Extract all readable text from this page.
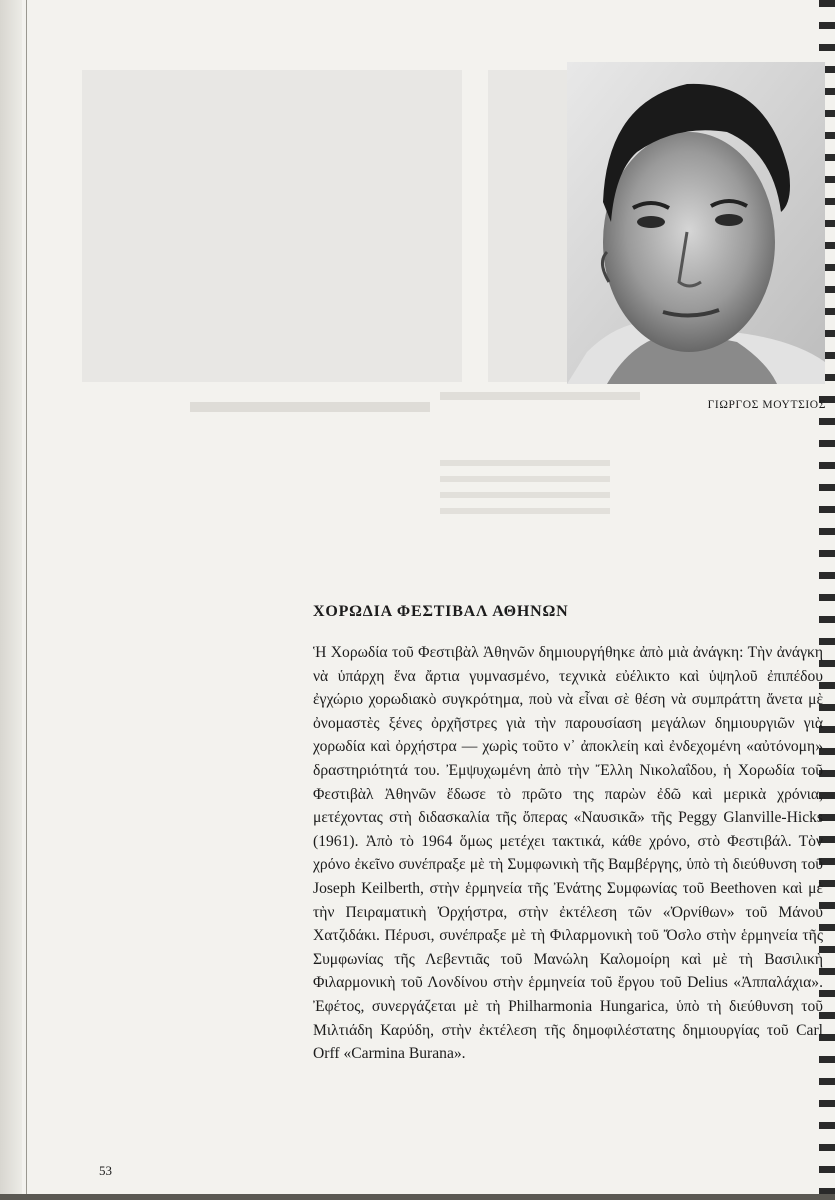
ΓΙΩΡΓΟΣ ΜΟΥΤΣΙΟΣ
ΧΟΡΩΔΙΑ ΦΕΣΤΙΒΑΛ ΑΘΗΝΩΝ

Ἡ Χορωδία τοῦ Φεστιβὰλ Ἀθηνῶν δημιουργήθηκε ἀπὸ μιὰ ἀνάγκη: Τὴν ἀνάγκη νὰ ὑπάρχη ἕνα ἄρτια γυμνασμένο, τεχνικὰ εὐέλικτο καὶ ὑψηλοῦ ἐπιπέδου ἐγχώριο χορωδιακὸ συγκρότημα, ποὺ νὰ εἶναι σὲ θέση νὰ συμπράττη ἄνετα μὲ ὀνομαστὲς ξένες ὀρχῆστρες γιὰ τὴν παρουσίαση μεγάλων δημιουργιῶν γιὰ χορωδία καὶ ὀρχήστρα — χωρὶς τοῦτο ν᾽ ἀποκλείη καὶ ἐνδεχομένη «αὐτόνομη» δραστηριότητά του. Ἐμψυχωμένη ἀπὸ τὴν Ἔλλη Νικολαΐδου, ἡ Χορωδία τοῦ Φεστιβὰλ Ἀθηνῶν ἔδωσε τὸ πρῶτο της παρὼν ἐδῶ καὶ μερικὰ χρόνια, μετέχοντας στὴ διδασκαλία τῆς ὄπερας «Ναυσικᾶ» τῆς Peggy Glanville-Hicks (1961). Ἀπὸ τὸ 1964 ὅμως μετέχει τακτικά, κάθε χρόνο, στὸ Φεστιβάλ. Τὸν χρόνο ἐκεῖνο συνέπραξε μὲ τὴ Συμφωνικὴ τῆς Βαμβέργης, ὑπὸ τὴ διεύθυνση τοῦ Joseph Keilberth, στὴν ἑρμηνεία τῆς Ἐνάτης Συμφωνίας τοῦ Beethoven καὶ μὲ τὴν Πειραματικὴ Ὀρχήστρα, στὴν ἐκτέλεση τῶν «Ὀρνίθων» τοῦ Μάνου Χατζιδάκι. Πέρυσι, συνέπραξε μὲ τὴ Φιλαρμονικὴ τοῦ Ὄσλο στὴν ἑρμηνεία τῆς Συμφωνίας τῆς Λεβεντιᾶς τοῦ Μανώλη Καλομοίρη καὶ μὲ τὴ Βασιλικὴ Φιλαρμονικὴ τοῦ Λονδίνου στὴν ἑρμηνεία τοῦ ἔργου τοῦ Delius «Ἀππαλάχια». Ἐφέτος, συνεργάζεται μὲ τὴ Philharmonia Hungarica, ὑπὸ τὴ διεύθυνση τοῦ Μιλτιάδη Καρύδη, στὴν ἐκτέλεση τῆς δημοφιλέστατης δημιουργίας τοῦ Carl Orff «Carmina Burana».

53
